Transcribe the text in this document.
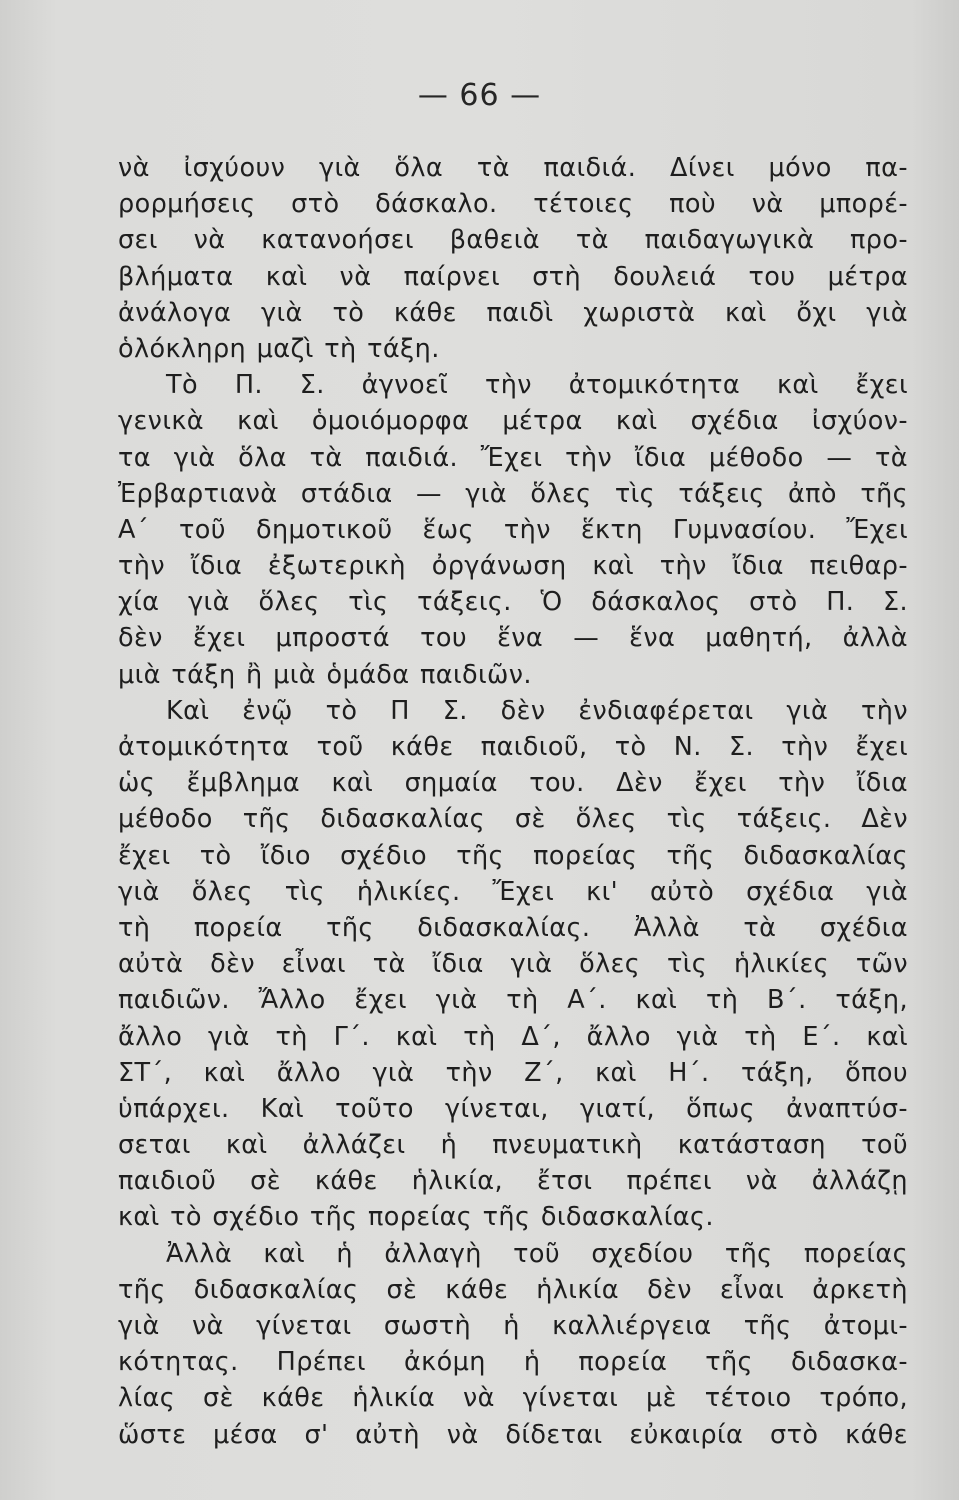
— 66 —
νὰ ἰσχύουν γιὰ ὅλα τὰ παιδιά. Δίνει μόνο πα-
ρορμήσεις στὸ δάσκαλο. τέτοιες ποὺ νὰ μπορέ-
σει νὰ κατανοήσει βαθειὰ τὰ παιδαγωγικὰ προ-
βλήματα καὶ νὰ παίρνει στὴ δουλειά του μέτρα
ἀνάλογα γιὰ τὸ κάθε παιδὶ χωριστὰ καὶ ὄχι γιὰ
ὁλόκληρη μαζὶ τὴ τάξη.
Τὸ Π. Σ. ἀγνοεῖ τὴν ἀτομικότητα καὶ ἔχει
γενικὰ καὶ ὁμοιόμορφα μέτρα καὶ σχέδια ἰσχύον-
τα γιὰ ὅλα τὰ παιδιά. Ἔχει τὴν ἴδια μέθοδο — τὰ
Ἐρβαρτιανὰ στάδια — γιὰ ὅλες τὶς τάξεις ἀπὸ τῆς
Α΄ τοῦ δημοτικοῦ ἕως τὴν ἕκτη Γυμνασίου. Ἔχει
τὴν ἴδια ἐξωτερικὴ ὀργάνωση καὶ τὴν ἴδια πειθαρ-
χία γιὰ ὅλες τὶς τάξεις. Ὁ δάσκαλος στὸ Π. Σ.
δὲν ἔχει μπροστά του ἕνα — ἕνα μαθητή, ἀλλὰ
μιὰ τάξη ἢ μιὰ ὁμάδα παιδιῶν.
Καὶ ἐνῷ τὸ Π Σ. δὲν ἐνδιαφέρεται γιὰ τὴν
ἀτομικότητα τοῦ κάθε παιδιοῦ, τὸ Ν. Σ. τὴν ἔχει
ὡς ἔμβλημα καὶ σημαία του. Δὲν ἔχει τὴν ἴδια
μέθοδο τῆς διδασκαλίας σὲ ὅλες τὶς τάξεις. Δὲν
ἔχει τὸ ἴδιο σχέδιο τῆς πορείας τῆς διδασκαλίας
γιὰ ὅλες τὶς ἡλικίες. Ἔχει κι' αὐτὸ σχέδια γιὰ
τὴ πορεία τῆς διδασκαλίας. Ἀλλὰ τὰ σχέδια
αὐτὰ δὲν εἶναι τὰ ἴδια γιὰ ὅλες τὶς ἡλικίες τῶν
παιδιῶν. Ἄλλο ἔχει γιὰ τὴ Α΄. καὶ τὴ Β΄. τάξη,
ἄλλο γιὰ τὴ Γ΄. καὶ τὴ Δ΄, ἄλλο γιὰ τὴ Ε΄. καὶ
ΣΤ΄, καὶ ἄλλο γιὰ τὴν Ζ΄, καὶ Η΄. τάξη, ὅπου
ὑπάρχει. Καὶ τοῦτο γίνεται, γιατί, ὅπως ἀναπτύσ-
σεται καὶ ἀλλάζει ἡ πνευματικὴ κατάσταση τοῦ
παιδιοῦ σὲ κάθε ἡλικία, ἔτσι πρέπει νὰ ἀλλάζῃ
καὶ τὸ σχέδιο τῆς πορείας τῆς διδασκαλίας.
Ἀλλὰ καὶ ἡ ἀλλαγὴ τοῦ σχεδίου τῆς πορείας
τῆς διδασκαλίας σὲ κάθε ἡλικία δὲν εἶναι ἀρκετὴ
γιὰ νὰ γίνεται σωστὴ ἡ καλλιέργεια τῆς ἀτομι-
κότητας. Πρέπει ἀκόμη ἡ πορεία τῆς διδασκα-
λίας σὲ κάθε ἡλικία νὰ γίνεται μὲ τέτοιο τρόπο,
ὥστε μέσα σ' αὐτὴ νὰ δίδεται εὐκαιρία στὸ κάθε
